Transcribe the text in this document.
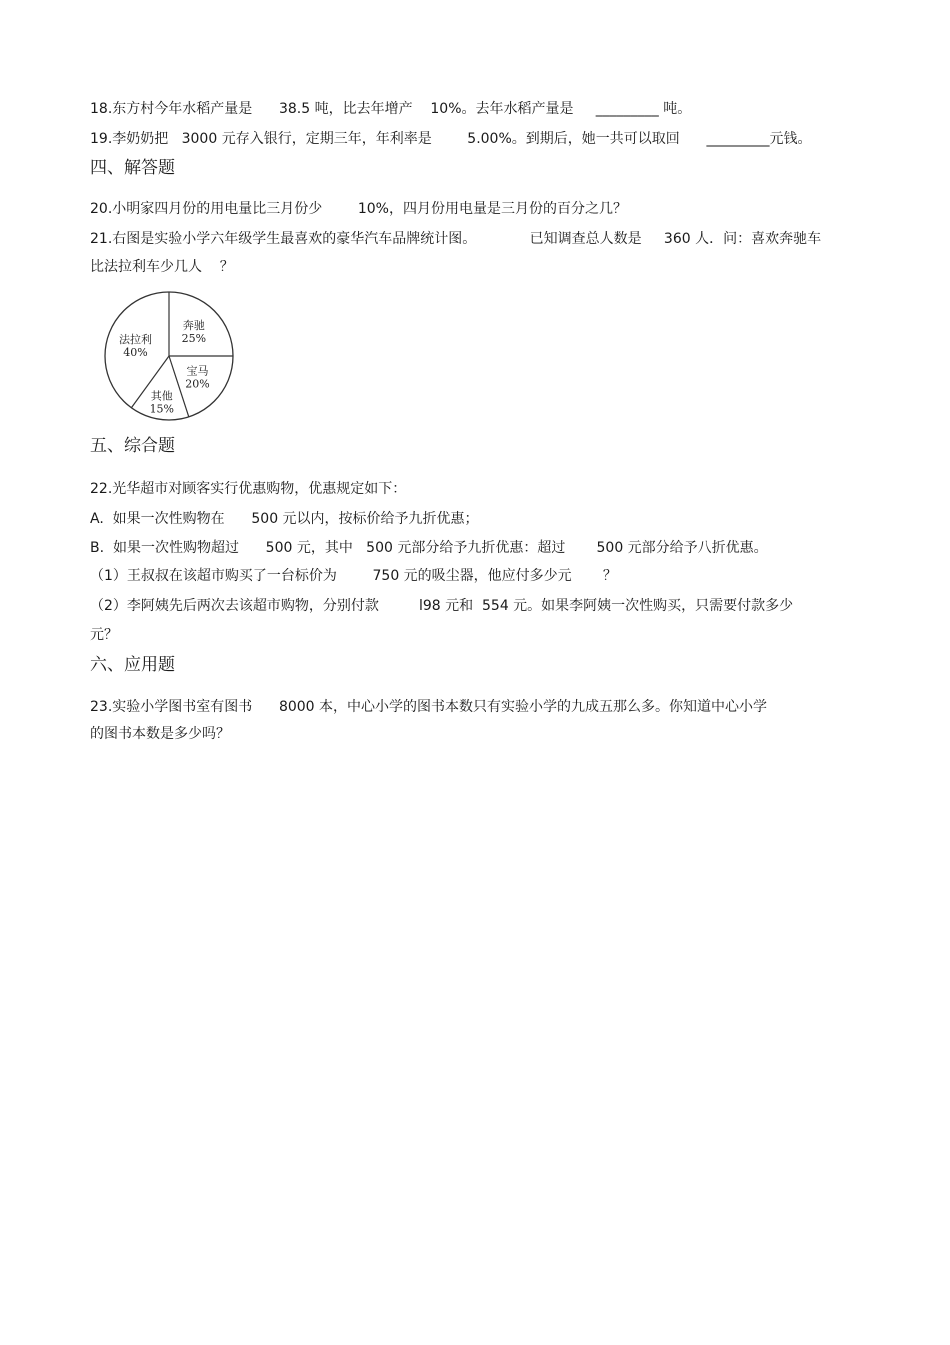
18.东方村今年水稻产量是      38.5 吨，比去年增产    10%。去年水稻产量是     _________ 吨。
19.李奶奶把   3000 元存入银行，定期三年，年利率是        5.00%。到期后，她一共可以取回      _________元钱。
四、解答题
20.小明家四月份的用电量比三月份少        10%，四月份用电量是三月份的百分之几？
21.右图是实验小学六年级学生最喜欢的豪华汽车品牌统计图。            已知调查总人数是     360 人．问：喜欢奔驰车
比法拉利车少几人    ？
奔驰
25%
宝马
20%
其他
15%
法拉利
40%
五、综合题
22.光华超市对顾客实行优惠购物，优惠规定如下：
A.  如果一次性购物在      500 元以内，按标价给予九折优惠；
B.  如果一次性购物超过      500 元，其中   500 元部分给予九折优惠：超过       500 元部分给予八折优惠。
（1）王叔叔在该超市购买了一台标价为        750 元的吸尘器，他应付多少元       ？
（2）李阿姨先后两次去该超市购物，分别付款         l98 元和  554 元。如果李阿姨一次性购买，只需要付款多少
元？
六、应用题
23.实验小学图书室有图书      8000 本，中心小学的图书本数只有实验小学的九成五那么多。你知道中心小学
的图书本数是多少吗？
